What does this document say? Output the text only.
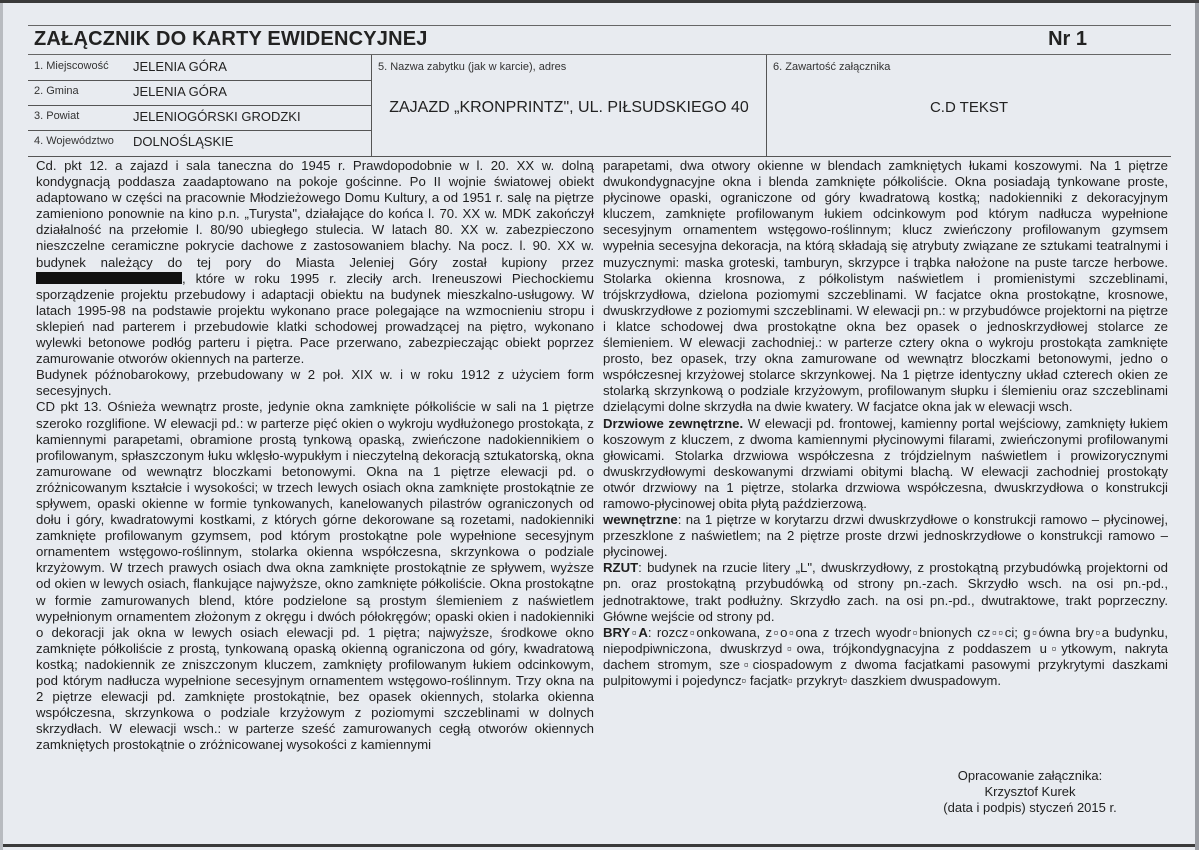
ZAŁĄCZNIK DO KARTY EWIDENCYJNEJ	Nr 1
1. Miejscowość JELENIA GÓRA
2. Gmina	JELENIA GÓRA
3. Powiat	JELENIOGÓRSKI GRODZKI
4. Województwo DOLNOŚLĄSKIE
5. Nazwa zabytku (jak w karcie), adres
ZAJAZD „KRONPRINTZ", UL. PIŁSUDSKIEGO 40
6. Zawartość załącznika
C.D TEKST

Cd. pkt 12. a zajazd i sala taneczna do 1945 r. Prawdopodobnie w l. 20. XX w. dolną kondygnacją poddasza zaadaptowano na pokoje gościnne. Po II wojnie światowej obiekt adaptowano w części na pracownie Młodzieżowego Domu Kultury, a od 1951 r. salę na piętrze zamieniono ponownie na kino p.n. „Turysta", działające do końca l. 70. XX w. MDK zakończył działalność na przełomie l. 80/90 ubiegłego stulecia. W latach 80. XX w. zabezpieczono nieszczelne ceramiczne pokrycie dachowe z zastosowaniem blachy. Na pocz. l. 90. XX w. budynek należący do tej pory do Miasta Jeleniej Góry został kupiony przez , które w roku 1995 r. zleciły arch. Ireneuszowi Piechockiemu sporządzenie projektu przebudowy i adaptacji obiektu na budynek mieszkalno-usługowy. W latach 1995-98 na podstawie projektu wykonano prace polegające na wzmocnieniu stropu i sklepień nad parterem i przebudowie klatki schodowej prowadzącej na piętro, wykonano wylewki betonowe podłóg parteru i piętra. Pace przerwano, zabezpieczając obiekt poprzez zamurowanie otworów okiennych na parterze.

Budynek późnobarokowy, przebudowany w 2 poł. XIX w. i w roku 1912 z użyciem form secesyjnych.

CD pkt 13. Ośnieża wewnątrz proste, jedynie okna zamknięte półkoliście w sali na 1 piętrze szeroko rozglifione. W elewacji pd.: w parterze pięć okien o wykroju wydłużonego prostokąta, z kamiennymi parapetami, obramione prostą tynkową opaską, zwieńczone nadokiennikiem o profilowanym, spłaszczonym łuku wklęsło-wypukłym i nieczytelną dekoracją sztukatorską, okna zamurowane od wewnątrz bloczkami betonowymi. Okna na 1 piętrze elewacji pd. o zróżnicowanym kształcie i wysokości; w trzech lewych osiach okna zamknięte prostokątnie ze spływem, opaski okienne w formie tynkowanych, kanelowanych pilastrów ograniczonych od dołu i góry, kwadratowymi kostkami, z których górne dekorowane są rozetami, nadokienniki zamknięte profilowanym gzymsem, pod którym prostokątne pole wypełnione secesyjnym ornamentem wstęgowo-roślinnym, stolarka okienna współczesna, skrzynkowa o podziale krzyżowym. W trzech prawych osiach dwa okna zamknięte prostokątnie ze spływem, wyższe od okien w lewych osiach, flankujące najwyższe, okno zamknięte półkoliście. Okna prostokątne w formie zamurowanych blend, które podzielone są prostym ślemieniem z naświetlem wypełnionym ornamentem złożonym z okręgu i dwóch półokręgów; opaski okien i nadokienniki o dekoracji jak okna w lewych osiach elewacji pd. 1 piętra; najwyższe, środkowe okno zamknięte półkoliście z prostą, tynkowaną opaską okienną ograniczona od góry, kwadratową kostką; nadokiennik ze zniszczonym kluczem, zamknięty profilowanym łukiem odcinkowym, pod którym nadłucza wypełnione secesyjnym ornamentem wstęgowo-roślinnym. Trzy okna na 2 piętrze elewacji pd. zamknięte prostokątnie, bez opasek okiennych, stolarka okienna współczesna, skrzynkowa o podziale krzyżowym z poziomymi szczeblinami w dolnych skrzydłach. W elewacji wsch.: w parterze sześć zamurowanych cegłą otworów okiennych zamkniętych prostokątnie o zróżnicowanej wysokości z kamiennymi

parapetami, dwa otwory okienne w blendach zamkniętych łukami koszowymi. Na 1 piętrze dwukondygnacyjne okna i blenda zamknięte półkoliście. Okna posiadają tynkowane proste, płycinowe opaski, ograniczone od góry kwadratową kostką; nadokienniki z dekoracyjnym kluczem, zamknięte profilowanym łukiem odcinkowym pod którym nadłucza wypełnione secesyjnym ornamentem wstęgowo-roślinnym; klucz zwieńczony profilowanym gzymsem wypełnia secesyjna dekoracja, na którą składają się atrybuty związane ze sztukami teatralnymi i muzycznymi: maska groteski, tamburyn, skrzypce i trąbka nałożone na puste tarcze herbowe. Stolarka okienna krosnowa, z półkolistym naświetlem i promienistymi szczeblinami, trójskrzydłowa, dzielona poziomymi szczeblinami. W facjatce okna prostokątne, krosnowe, dwuskrzydłowe z poziomymi szczeblinami. W elewacji pn.: w przybudówce projektorni na piętrze i klatce schodowej dwa prostokątne okna bez opasek o jednoskrzydłowej stolarce ze ślemieniem. W elewacji zachodniej.: w parterze cztery okna o wykroju prostokąta zamknięte prosto, bez opasek, trzy okna zamurowane od wewnątrz bloczkami betonowymi, jedno o współczesnej krzyżowej stolarce skrzynkowej. Na 1 piętrze identyczny układ czterech okien ze stolarką skrzynkową o podziale krzyżowym, profilowanym słupku i ślemieniu oraz szczeblinami dzielącymi dolne skrzydła na dwie kwatery. W facjatce okna jak w elewacji wsch.

Drzwiowe zewnętrzne. W elewacji pd. frontowej, kamienny portal wejściowy, zamknięty łukiem koszowym z kluczem, z dwoma kamiennymi płycinowymi filarami, zwieńczonymi profilowanymi głowicami. Stolarka drzwiowa współczesna z trójdzielnym naświetlem i prowizorycznymi dwuskrzydłowymi deskowanymi drzwiami obitymi blachą. W elewacji zachodniej prostokąty otwór drzwiowy na 1 piętrze, stolarka drzwiowa współczesna, dwuskrzydłowa o konstrukcji ramowo-płycinowej obita płytą paździerzową.

wewnętrzne: na 1 piętrze w korytarzu drzwi dwuskrzydłowe o konstrukcji ramowo – płycinowej, przeszklone z naświetlem; na 2 piętrze proste drzwi jednoskrzydłowe o konstrukcji ramowo – płycinowej.

RZUT: budynek na rzucie litery „L", dwuskrzydłowy, z prostokątną przybudówką projektorni od pn. oraz prostokątną przybudówką od strony pn.-zach. Skrzydło wsch. na osi pn.-pd., jednotraktowe, trakt podłużny. Skrzydło zach. na osi pn.-pd., dwutraktowe, trakt poprzeczny. Główne wejście od strony pd.

BRY▫A: rozcz▫onkowana, z▫o▫ona z trzech wyodr▫bnionych cz▫▫ci; g▫ówna bry▫a budynku, niepodpiwniczona, dwuskrzyd▫owa, trójkondygnacyjna z poddaszem u▫ytkowym, nakryta dachem stromym, sze▫ciospadowym z dwoma facjatkami pasowymi przykrytymi daszkami pulpitowymi i pojedyncz▫ facjatk▫ przykryt▫ daszkiem dwuspadowym.

Opracowanie załącznika:
Krzysztof Kurek
(data i podpis) styczeń 2015 r.
